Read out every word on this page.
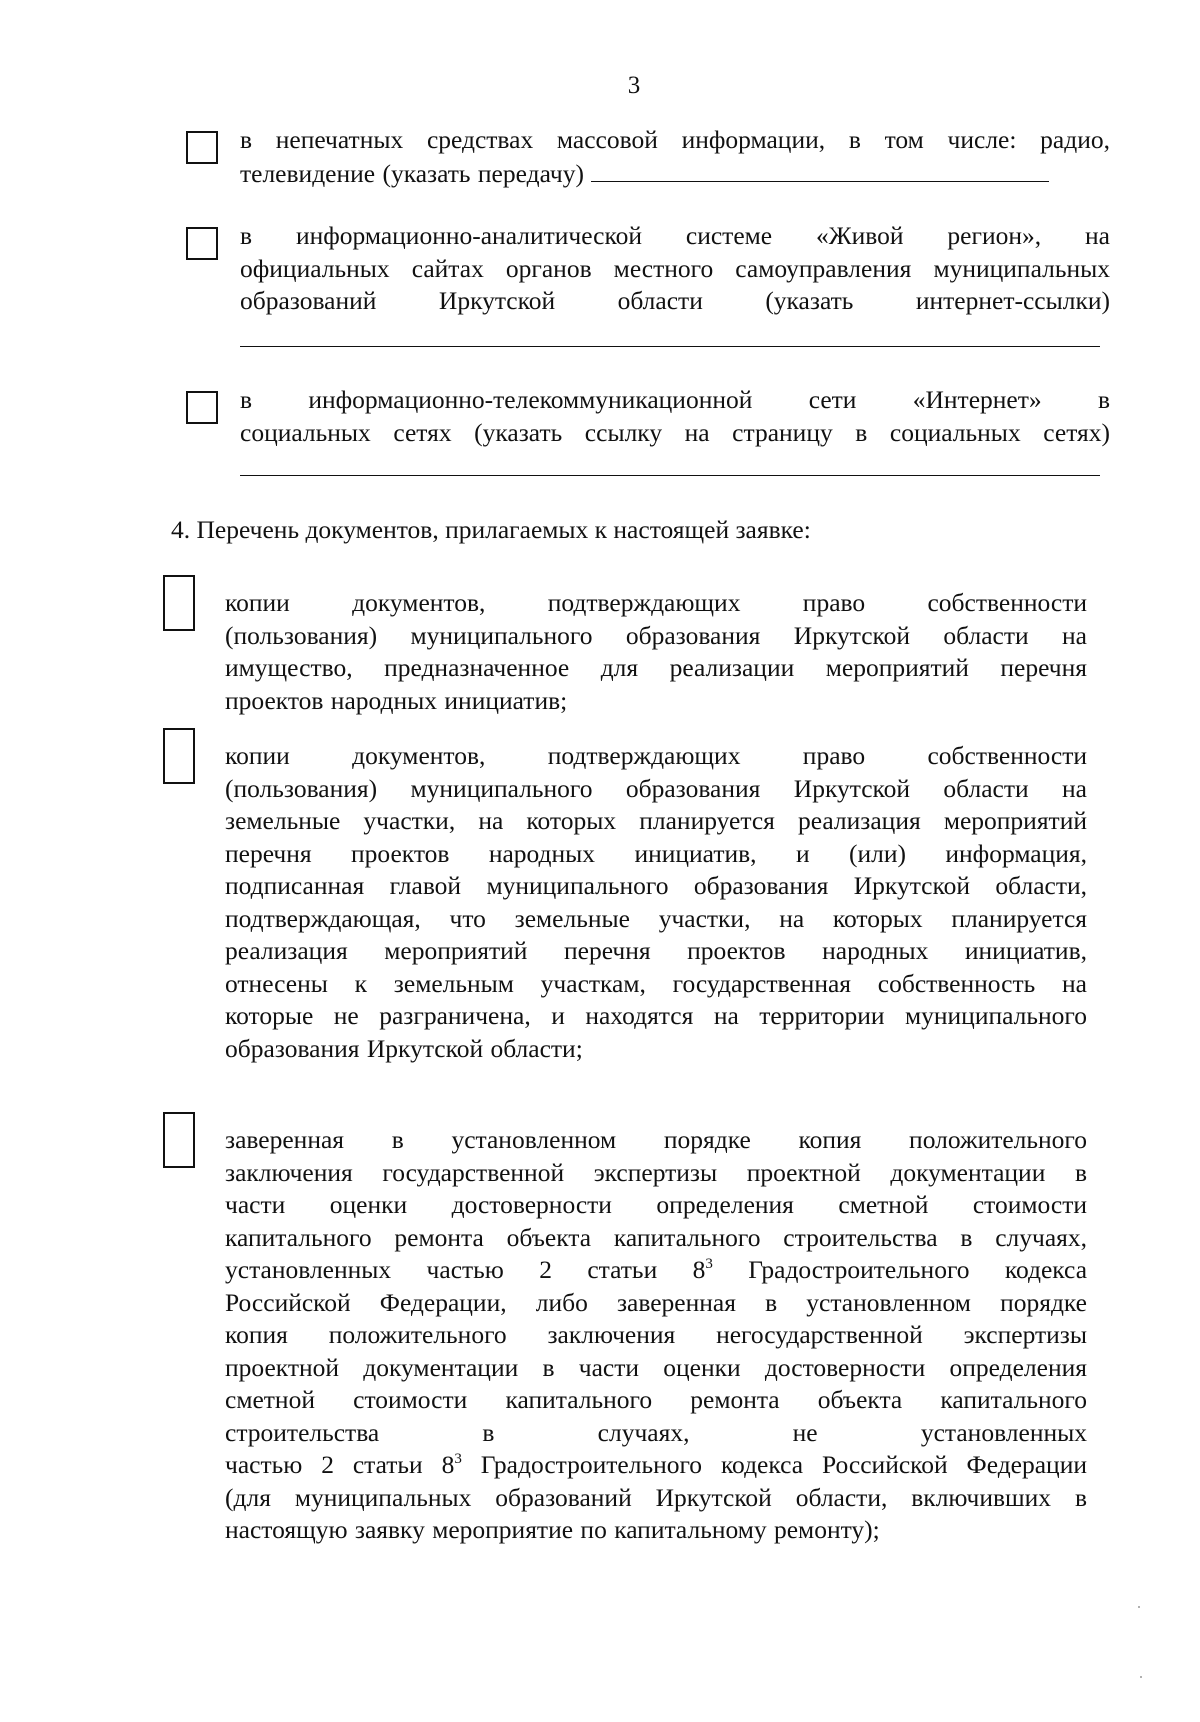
3
в непечатных средствах массовой информации, в том числе: радио,
телевидение (указать передачу)
в информационно-аналитической системе «Живой регион», на
официальных сайтах органов местного самоуправления муниципальных
образований Иркутской области (указать интернет-ссылки)
в информационно-телекоммуникационной сети «Интернет» в
социальных сетях (указать ссылку на страницу в социальных сетях)
4. Перечень документов, прилагаемых к настоящей заявке:
копии документов, подтверждающих право собственности
(пользования) муниципального образования Иркутской области на
имущество, предназначенное для реализации мероприятий перечня
проектов народных инициатив;
копии документов, подтверждающих право собственности
(пользования) муниципального образования Иркутской области на
земельные участки, на которых планируется реализация мероприятий
перечня проектов народных инициатив, и (или) информация,
подписанная главой муниципального образования Иркутской области,
подтверждающая, что земельные участки, на которых планируется
реализация мероприятий перечня проектов народных инициатив,
отнесены к земельным участкам, государственная собственность на
которые не разграничена, и находятся на территории муниципального
образования Иркутской области;
заверенная в установленном порядке копия положительного
заключения государственной экспертизы проектной документации в
части оценки достоверности определения сметной стоимости
капитального ремонта объекта капитального строительства в случаях,
установленных частью 2 статьи $8^3$ Градостроительного кодекса
Российской Федерации, либо заверенная в установленном порядке
копия положительного заключения негосударственной экспертизы
проектной документации в части оценки достоверности определения
сметной стоимости капитального ремонта объекта капитального
строительства в случаях, не установленных
частью 2 статьи $8^3$ Градостроительного кодекса Российской Федерации
(для муниципальных образований Иркутской области, включивших в
настоящую заявку мероприятие по капитальному ремонту);
